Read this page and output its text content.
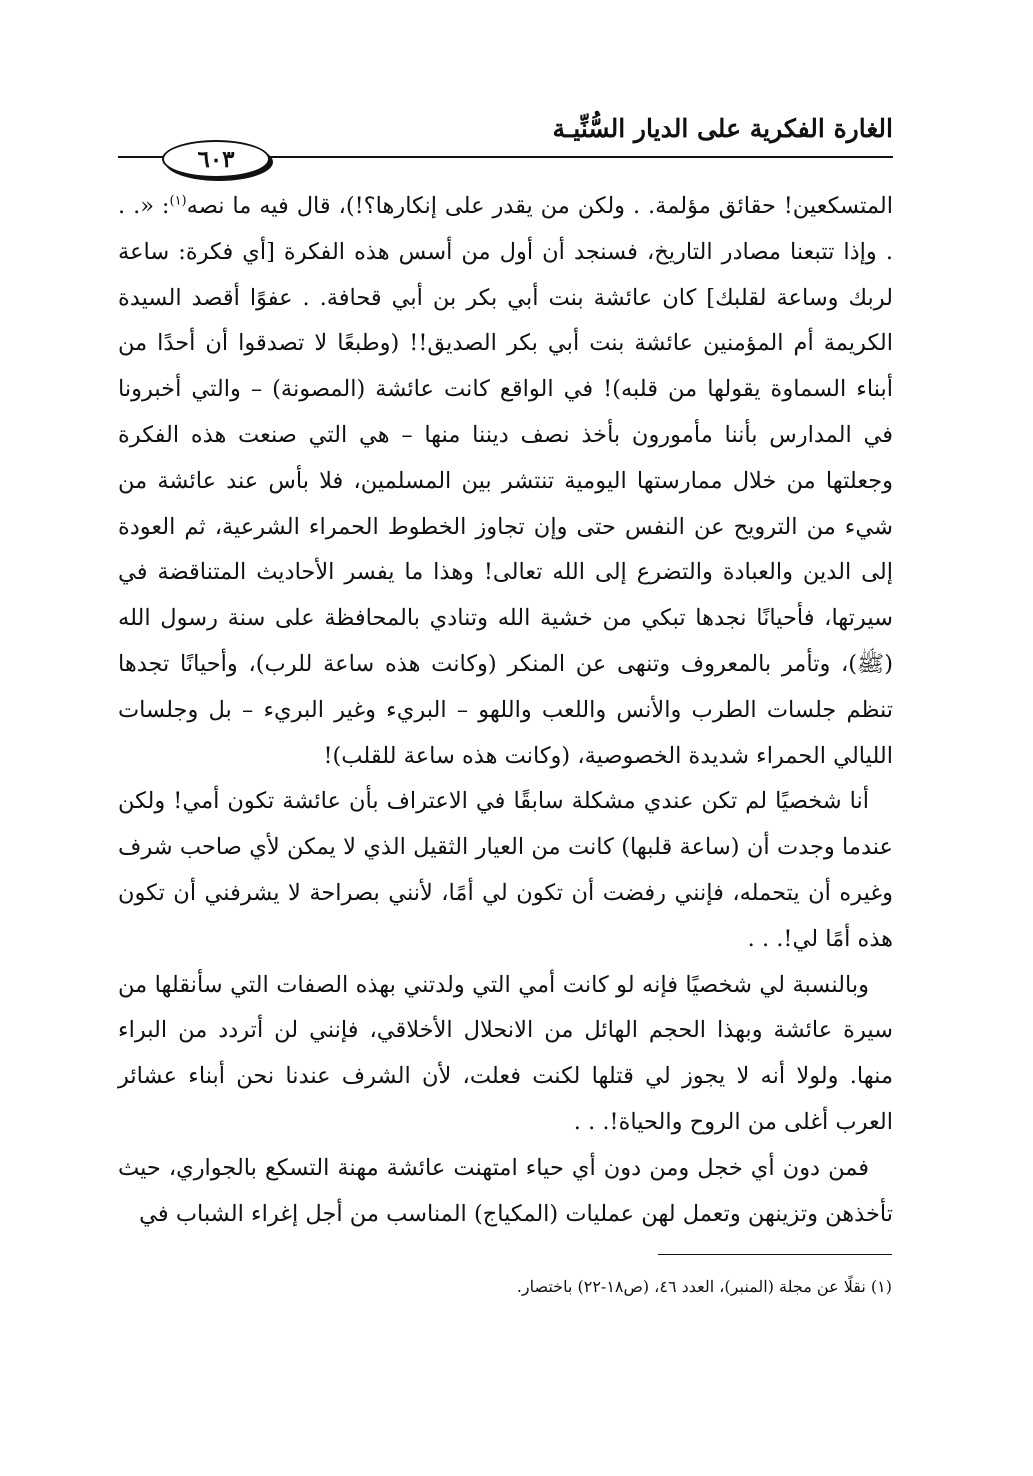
الغارة الفكرية على الديار السُّنِّيـة
٦٠٣

المتسكعين! حقائق مؤلمة. . ولكن من يقدر على إنكارها؟!)، قال فيه ما نصه$^{(١)}$: «. . . وإذا تتبعنا مصادر التاريخ، فسنجد أن أول من أسس هذه الفكرة [أي فكرة: ساعة لربك وساعة لقلبك] كان عائشة بنت أبي بكر بن أبي قحافة. . عفوًا أقصد السيدة الكريمة أم المؤمنين عائشة بنت أبي بكر الصديق!! (وطبعًا لا تصدقوا أن أحدًا من أبناء السماوة يقولها من قلبه)! في الواقع كانت عائشة (المصونة) – والتي أخبرونا في المدارس بأننا مأمورون بأخذ نصف ديننا منها – هي التي صنعت هذه الفكرة وجعلتها من خلال ممارستها اليومية تنتشر بين المسلمين، فلا بأس عند عائشة من شيء من الترويح عن النفس حتى وإن تجاوز الخطوط الحمراء الشرعية، ثم العودة إلى الدين والعبادة والتضرع إلى الله تعالى! وهذا ما يفسر الأحاديث المتناقضة في سيرتها، فأحيانًا نجدها تبكي من خشية الله وتنادي بالمحافظة على سنة رسول الله (ﷺ)، وتأمر بالمعروف وتنهى عن المنكر (وكانت هذه ساعة للرب)، وأحيانًا تجدها تنظم جلسات الطرب والأنس واللعب واللهو – البريء وغير البريء – بل وجلسات الليالي الحمراء شديدة الخصوصية، (وكانت هذه ساعة للقلب)!

أنا شخصيًا لم تكن عندي مشكلة سابقًا في الاعتراف بأن عائشة تكون أمي! ولكن عندما وجدت أن (ساعة قلبها) كانت من العيار الثقيل الذي لا يمكن لأي صاحب شرف وغيره أن يتحمله، فإنني رفضت أن تكون لي أمًا، لأنني بصراحة لا يشرفني أن تكون هذه أمًا لي!. . .

وبالنسبة لي شخصيًا فإنه لو كانت أمي التي ولدتني بهذه الصفات التي سأنقلها من سيرة عائشة وبهذا الحجم الهائل من الانحلال الأخلاقي، فإنني لن أتردد من البراء منها. ولولا أنه لا يجوز لي قتلها لكنت فعلت، لأن الشرف عندنا نحن أبناء عشائر العرب أغلى من الروح والحياة!. . .

فمن دون أي خجل ومن دون أي حياء امتهنت عائشة مهنة التسكع بالجواري، حيث تأخذهن وتزينهن وتعمل لهن عمليات (المكياج) المناسب من أجل إغراء الشباب في

(١) نقلًا عن مجلة (المنبر)، العدد ٤٦، (ص١٨-٢٢) باختصار.
